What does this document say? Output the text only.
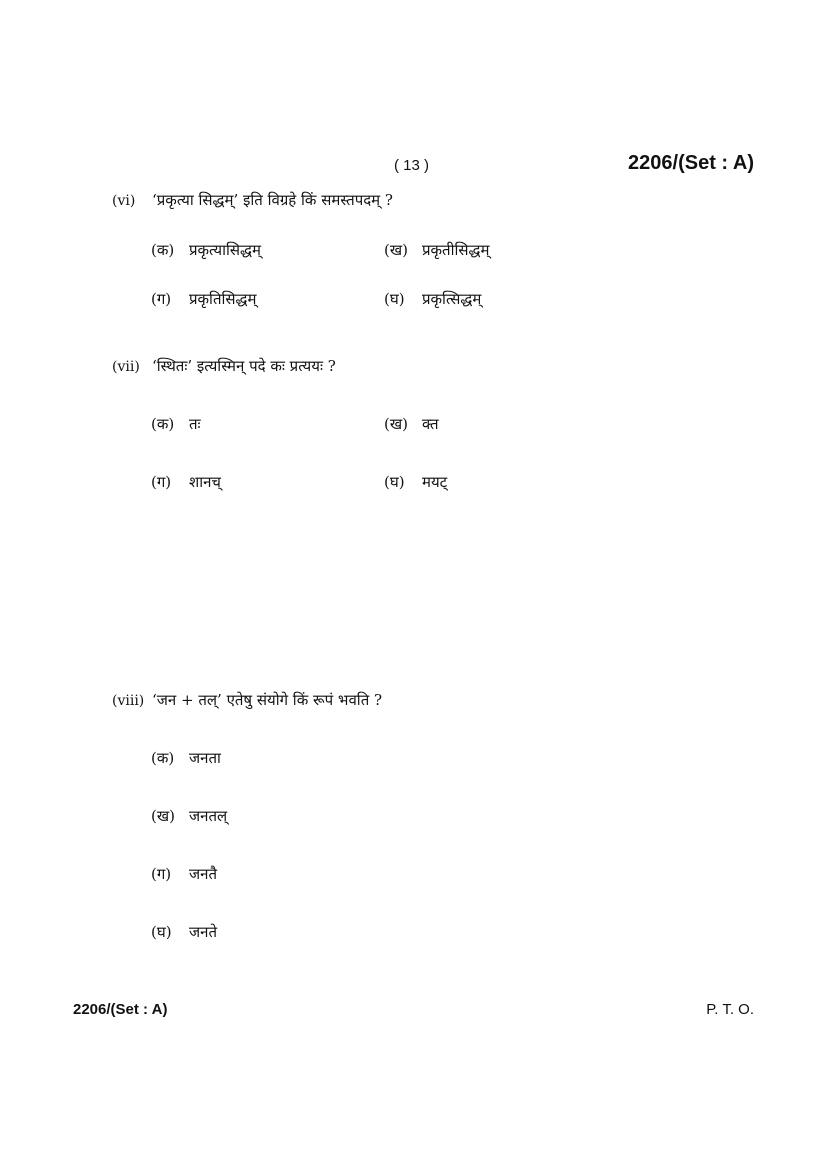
( 13 )	2206/(Set : A)
(vi) ‘प्रकृत्या सिद्धम्’ इति विग्रहे किं समस्तपदम् ?
(क) प्रकृत्यासिद्धम्	(ख) प्रकृतीसिद्धम्
(ग) प्रकृतिसिद्धम्	(घ) प्रकृत्सिद्धम्
(vii) ‘स्थितः’ इत्यस्मिन् पदे कः प्रत्ययः ?
(क) तः	(ख) क्त
(ग) शानच्	(घ) मयट्
(viii) ‘जन + तल्’ एतेषु संयोगे किं रूपं भवति ?
(क) जनता
(ख) जनतल्
(ग) जनतै
(घ) जनते
2206/(Set : A)	P. T. O.
